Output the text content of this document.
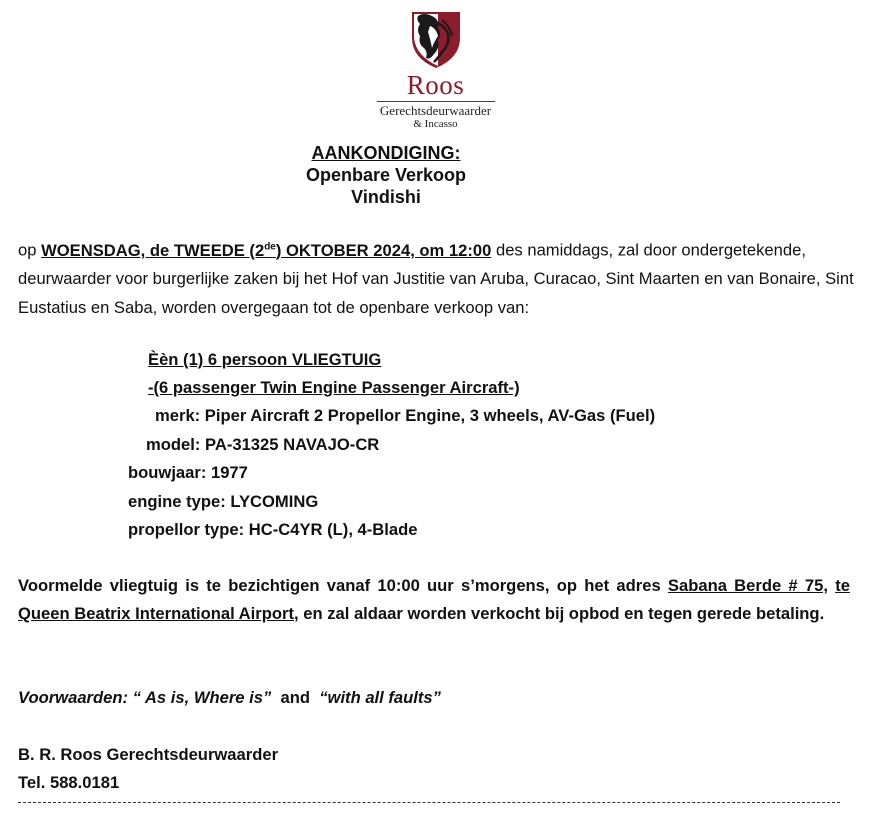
Roos
Gerechtsdeurwaarder
& Incasso
AANKONDIGING:
Openbare Verkoop
Vindishi
op WOENSDAG, de TWEEDE (2de) OKTOBER 2024, om 12:00 des namiddags, zal door ondergetekende, deurwaarder voor burgerlijke zaken bij het Hof van Justitie van Aruba, Curacao, Sint Maarten en van Bonaire, Sint Eustatius en Saba, worden overgegaan tot de openbare verkoop van:
Èèn (1) 6 persoon VLIEGTUIG
-(6 passenger Twin Engine Passenger Aircraft-)
merk: Piper Aircraft 2 Propellor Engine, 3 wheels, AV-Gas (Fuel)
model: PA-31325 NAVAJO-CR
bouwjaar: 1977
engine type: LYCOMING
propellor type: HC-C4YR (L), 4-Blade
Voormelde vliegtuig is te bezichtigen vanaf 10:00 uur s’morgens, op het adres Sabana Berde # 75, te Queen Beatrix International Airport, en zal aldaar worden verkocht bij opbod en tegen gerede betaling.
Voorwaarden: “ As is, Where is”  and  “with all faults”
B. R. Roos Gerechtsdeurwaarder
Tel. 588.0181
